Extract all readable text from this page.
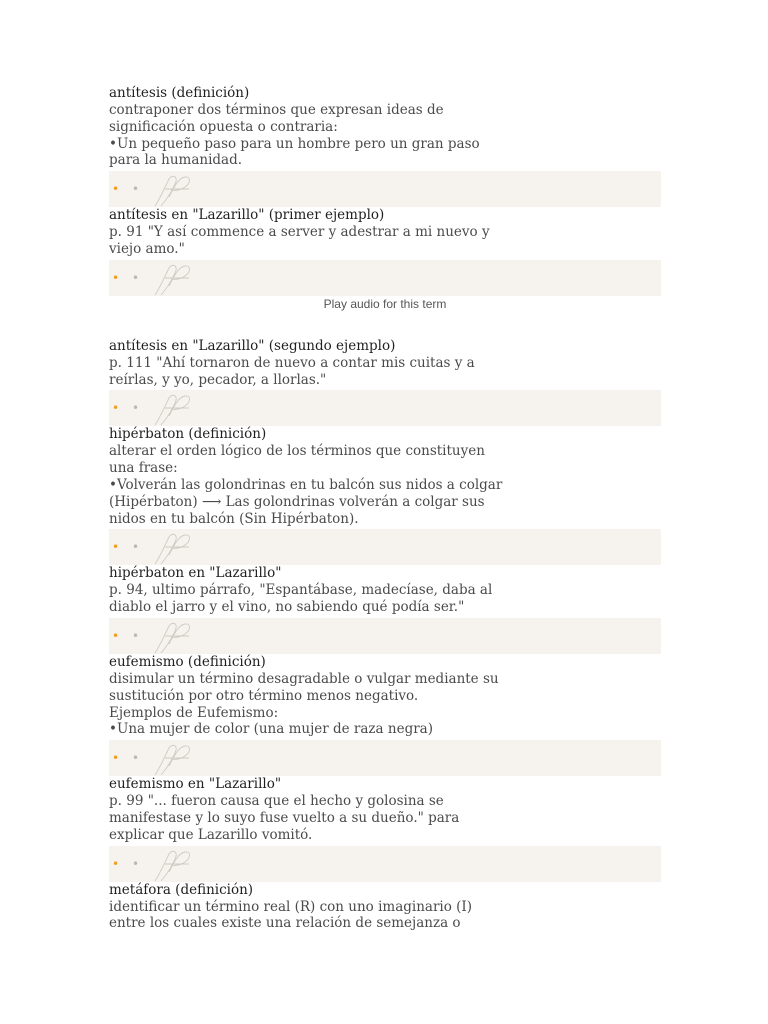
antítesis (definición)
contraponer dos términos que expresan ideas de
significación opuesta o contraria:
•Un pequeño paso para un hombre pero un gran paso
para la humanidad.
• •
antítesis en "Lazarillo" (primer ejemplo)
p. 91 "Y así commence a server y adestrar a mi nuevo y
viejo amo."
• •
Play audio for this term
antítesis en "Lazarillo" (segundo ejemplo)
p. 111 "Ahí tornaron de nuevo a contar mis cuitas y a
reírlas, y yo, pecador, a llorlas."
• •
hipérbaton (definición)
alterar el orden lógico de los términos que constituyen
una frase:
•Volverán las golondrinas en tu balcón sus nidos a colgar
(Hipérbaton) ⟶ Las golondrinas volverán a colgar sus
nidos en tu balcón (Sin Hipérbaton).
• •
hipérbaton en "Lazarillo"
p. 94, ultimo párrafo, "Espantábase, madecíase, daba al
diablo el jarro y el vino, no sabiendo qué podía ser."
• •
eufemismo (definición)
disimular un término desagradable o vulgar mediante su
sustitución por otro término menos negativo.
Ejemplos de Eufemismo:
•Una mujer de color (una mujer de raza negra)
• •
eufemismo en "Lazarillo"
p. 99 "... fueron causa que el hecho y golosina se
manifestase y lo suyo fuse vuelto a su dueño." para
explicar que Lazarillo vomitó.
• •
metáfora (definición)
identificar un término real (R) con uno imaginario (I)
entre los cuales existe una relación de semejanza o
